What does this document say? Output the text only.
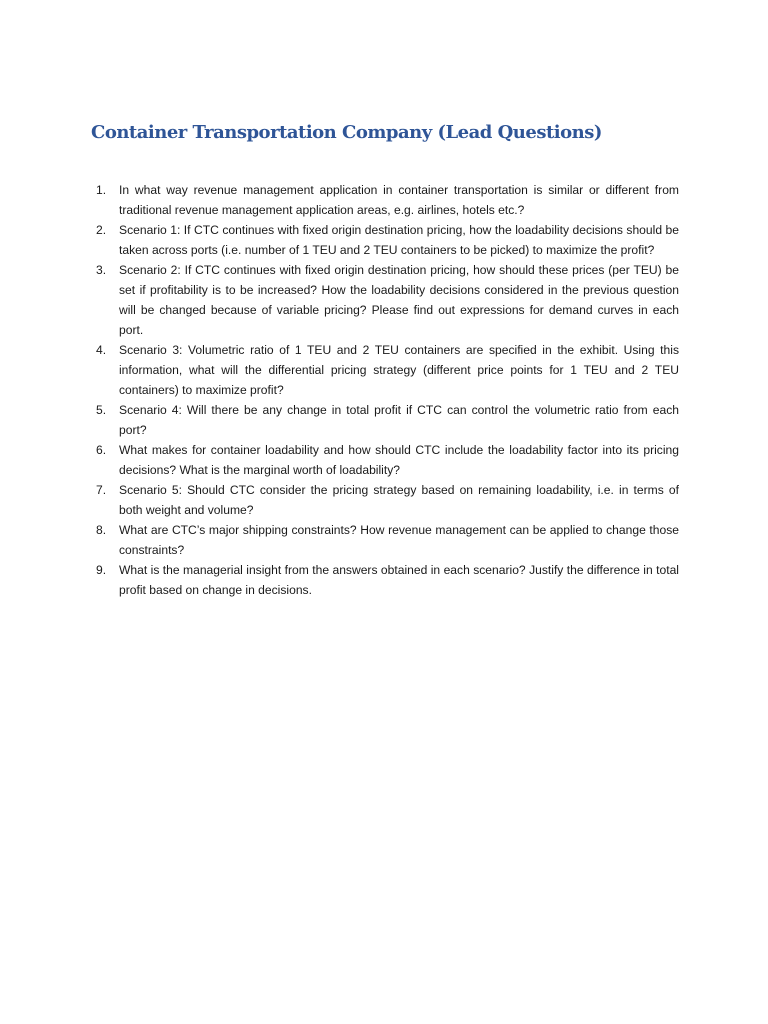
Container Transportation Company (Lead Questions)
1. In what way revenue management application in container transportation is similar or different from traditional revenue management application areas, e.g. airlines, hotels etc.?
2. Scenario 1: If CTC continues with fixed origin destination pricing, how the loadability decisions should be taken across ports (i.e. number of 1 TEU and 2 TEU containers to be picked) to maximize the profit?
3. Scenario 2: If CTC continues with fixed origin destination pricing, how should these prices (per TEU) be set if profitability is to be increased? How the loadability decisions considered in the previous question will be changed because of variable pricing? Please find out expressions for demand curves in each port.
4. Scenario 3: Volumetric ratio of 1 TEU and 2 TEU containers are specified in the exhibit. Using this information, what will the differential pricing strategy (different price points for 1 TEU and 2 TEU containers) to maximize profit?
5. Scenario 4: Will there be any change in total profit if CTC can control the volumetric ratio from each port?
6. What makes for container loadability and how should CTC include the loadability factor into its pricing decisions? What is the marginal worth of loadability?
7. Scenario 5: Should CTC consider the pricing strategy based on remaining loadability, i.e. in terms of both weight and volume?
8. What are CTC’s major shipping constraints? How revenue management can be applied to change those constraints?
9. What is the managerial insight from the answers obtained in each scenario? Justify the difference in total profit based on change in decisions.
